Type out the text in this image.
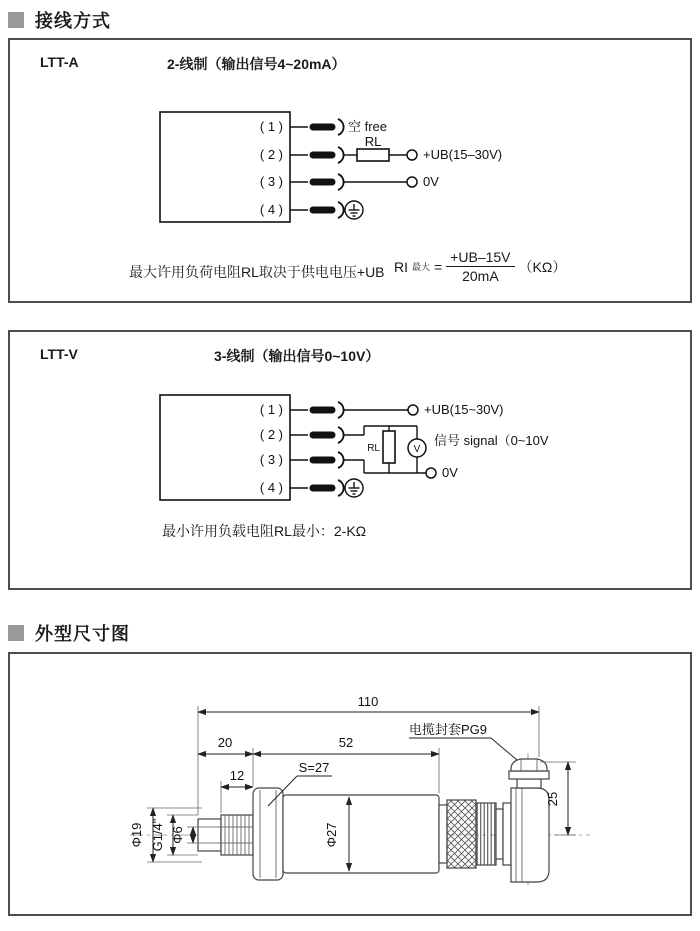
接线方式
LTT-A	2-线制（输出信号4~20mA）
( 1 )
( 2 )
( 3 )
( 4 )
空 free
RL
+UB(15–30V)
0V
最大许用负荷电阻RL取决于供电电压+UB RI 最大 = $\frac{+UB-15V}{20mA} (K\Omega)$
LTT-V	3-线制（输出信号0~10V）
( 1 )
( 2 )
( 3 )
( 4 )
+UB(15~30V)
RL	V
0V
信号 signal（0~10V
最小许用负载电阻RL最小：2-KΩ
外型尺寸图
110
电揽封套PG9
20	52
12
S=27
Φ27
Φ19 G1/4" Φ6
25
